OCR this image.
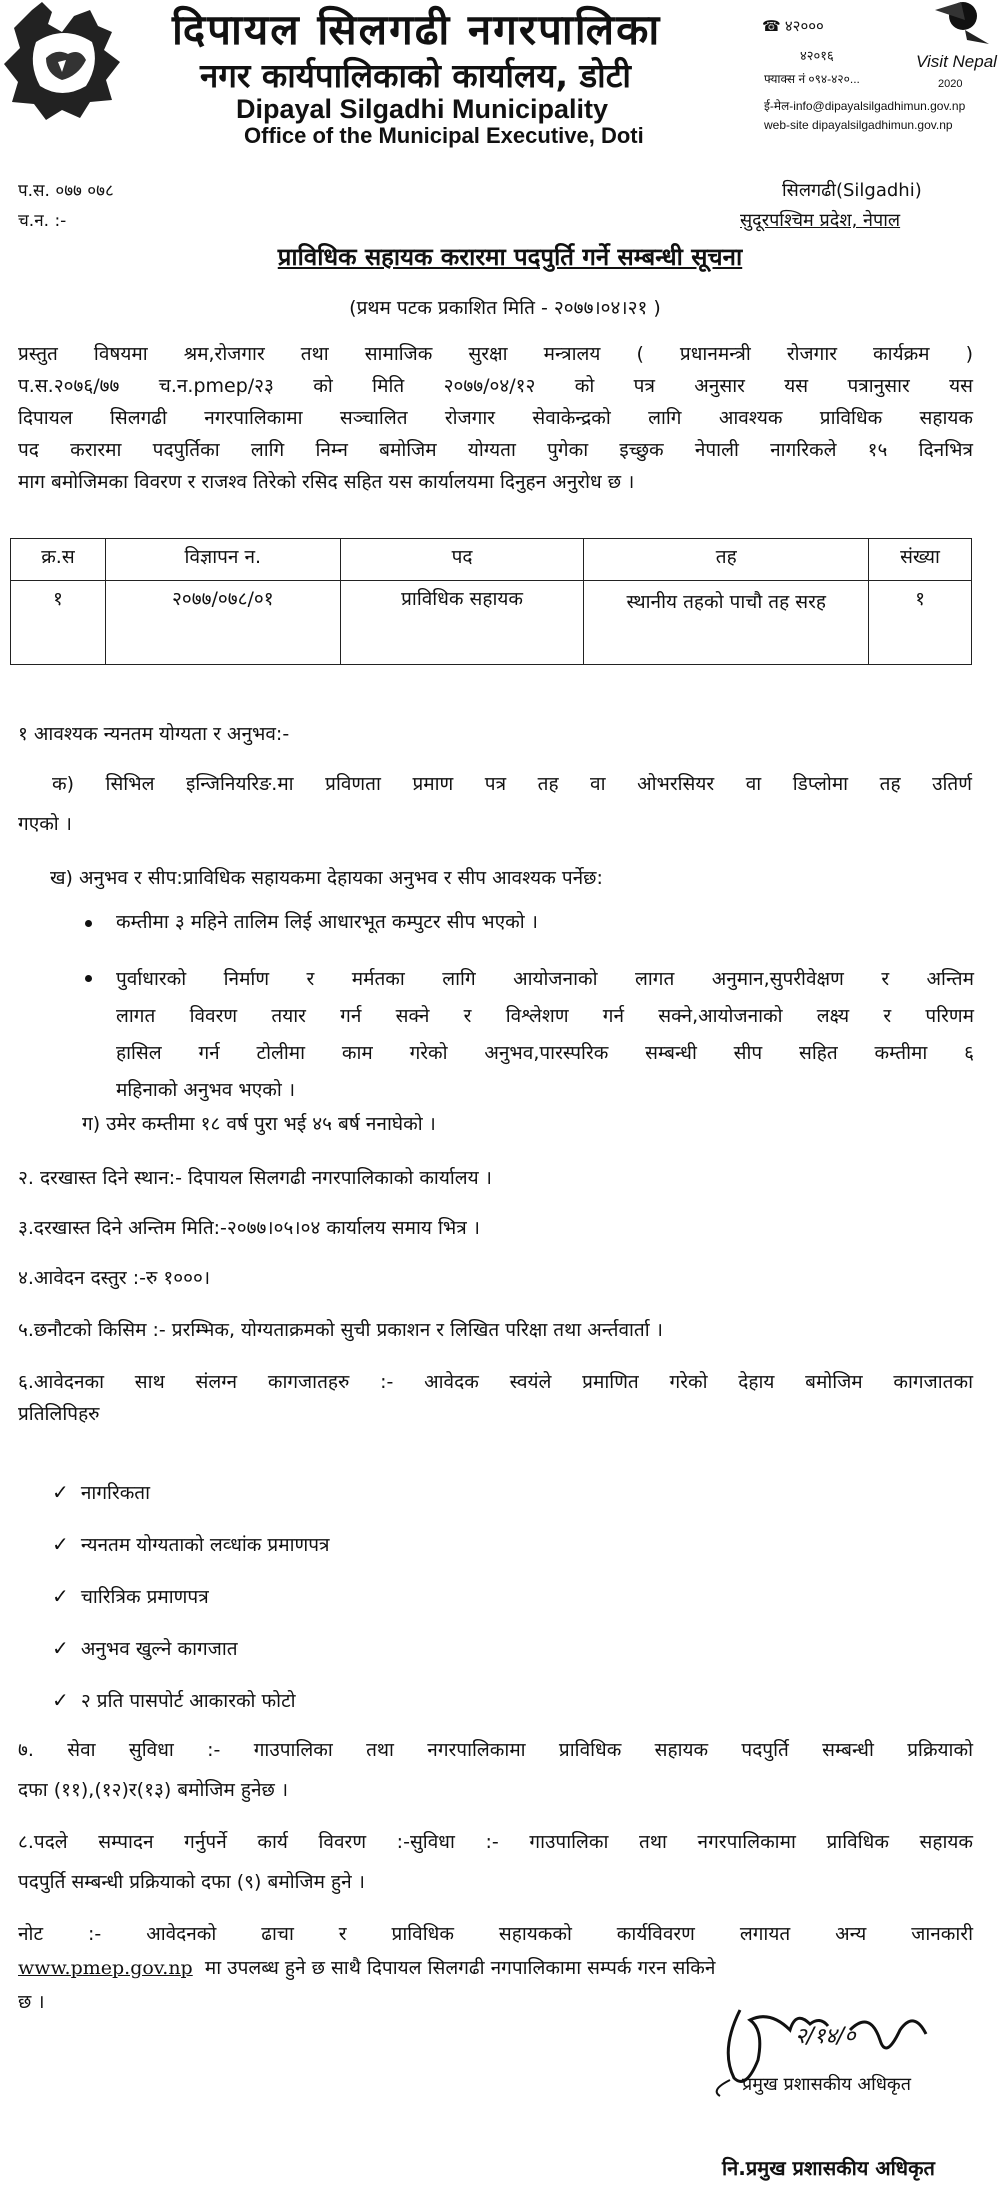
दिपायल सिलगढी नगरपालिका
नगर कार्यपालिकाको कार्यालय, डोटी
Dipayal Silgadhi Municipality
Office of the Municipal Executive, Doti
☎ ४२०००
४२०१६
फ्याक्स नं ०९४-४२०...
ई-मेल-info@dipayalsilgadhimun.gov.np
web-site dipayalsilgadhimun.gov.np
Visit Nepal
2020
प.स. ०७७ ०७८
च.न. :-
सिलगढी(Silgadhi)
सुदूरपश्चिम प्रदेश, नेपाल
प्राविधिक सहायक करारमा पदपुर्ति गर्ने सम्बन्धी सूचना
(प्रथम पटक प्रकाशित मिति - २०७७।०४।२१ )
प्रस्तुत विषयमा श्रम,रोजगार तथा सामाजिक सुरक्षा मन्त्रालय ( प्रधानमन्त्री रोजगार कार्यक्रम )
प.स.२०७६/७७ च.न.pmep/२३ को मिति २०७७/०४/१२ को पत्र अनुसार यस पत्रानुसार यस
दिपायल सिलगढी नगरपालिकामा सञ्चालित रोजगार सेवाकेन्द्रको लागि आवश्यक प्राविधिक सहायक
पद करारमा पदपुर्तिका लागि निम्न बमोजिम योग्यता पुगेका इच्छुक नेपाली नागरिकले १५ दिनभित्र
माग बमोजिमका विवरण र राजश्व तिरेको रसिद सहित यस कार्यालयमा दिनुहन अनुरोध छ ।
क्र.स	विज्ञापन न.	पद	तह	संख्या
१	२०७७/०७८/०१	प्राविधिक सहायक	स्थानीय तहको पाचौ तह सरह	१
१ आवश्यक न्यनतम योग्यता र अनुभव:-
क) सिभिल इन्जिनियरिङ.मा प्रविणता प्रमाण पत्र तह वा ओभरसियर वा डिप्लोमा तह उतिर्ण
गएको ।
ख) अनुभव र सीप:प्राविधिक सहायकमा देहायका अनुभव र सीप आवश्यक पर्नेछ:
कम्तीमा ३ महिने तालिम लिई आधारभूत कम्पुटर सीप भएको ।
पुर्वाधारको निर्माण र मर्मतका लागि आयोजनाको लागत अनुमान,सुपरीवेक्षण र अन्तिम
लागत विवरण तयार गर्न सक्ने र विश्लेशण गर्न सक्ने,आयोजनाको लक्ष्य र परिणम
हासिल गर्न टोलीमा काम गरेको अनुभव,पारस्परिक सम्बन्धी सीप सहित कम्तीमा ६
महिनाको अनुभव भएको ।
ग) उमेर कम्तीमा १८ वर्ष पुरा भई ४५ बर्ष ननाघेको ।
२. दरखास्त दिने स्थान:- दिपायल सिलगढी नगरपालिकाको कार्यालय ।
३.दरखास्त दिने अन्तिम मिति:-२०७७।०५।०४ कार्यालय समाय भित्र ।
४.आवेदन दस्तुर :-रु १०००।
५.छनौटको किसिम :- प्ररम्भिक, योग्यताक्रमको सुची प्रकाशन र लिखित परिक्षा तथा अर्न्तवार्ता ।
६.आवेदनका साथ संलग्न कागजातहरु :- आवेदक स्वयंले प्रमाणित गरेको देहाय बमोजिम कागजातका
प्रतिलिपिहरु
✓ नागरिकता
✓ न्यनतम योग्यताको लव्धांक प्रमाणपत्र
✓ चारित्रिक प्रमाणपत्र
✓ अनुभव खुल्ने कागजात
✓ २ प्रति पासपोर्ट आकारको फोटो
७. सेवा सुविधा :- गाउपालिका तथा नगरपालिकामा प्राविधिक सहायक पदपुर्ति सम्बन्धी प्रक्रियाको
दफा (११),(१२)र(१३) बमोजिम हुनेछ ।
८.पदले सम्पादन गर्नुपर्ने कार्य विवरण :-सुविधा :- गाउपालिका तथा नगरपालिकामा प्राविधिक सहायक
पदपुर्ति सम्बन्धी प्रक्रियाको दफा (९) बमोजिम हुने ।
नोट :- आवेदनको ढाचा र प्राविधिक सहायकको कार्यविवरण लगायत अन्य जानकारी
www.pmep.gov.np मा उपलब्ध हुने छ साथै दिपायल सिलगढी नगपालिकामा सम्पर्क गरन सकिने
छ ।
२/१४/०
प्रमुख प्रशासकीय अधिकृत
नि.प्रमुख प्रशासकीय अधिकृत
